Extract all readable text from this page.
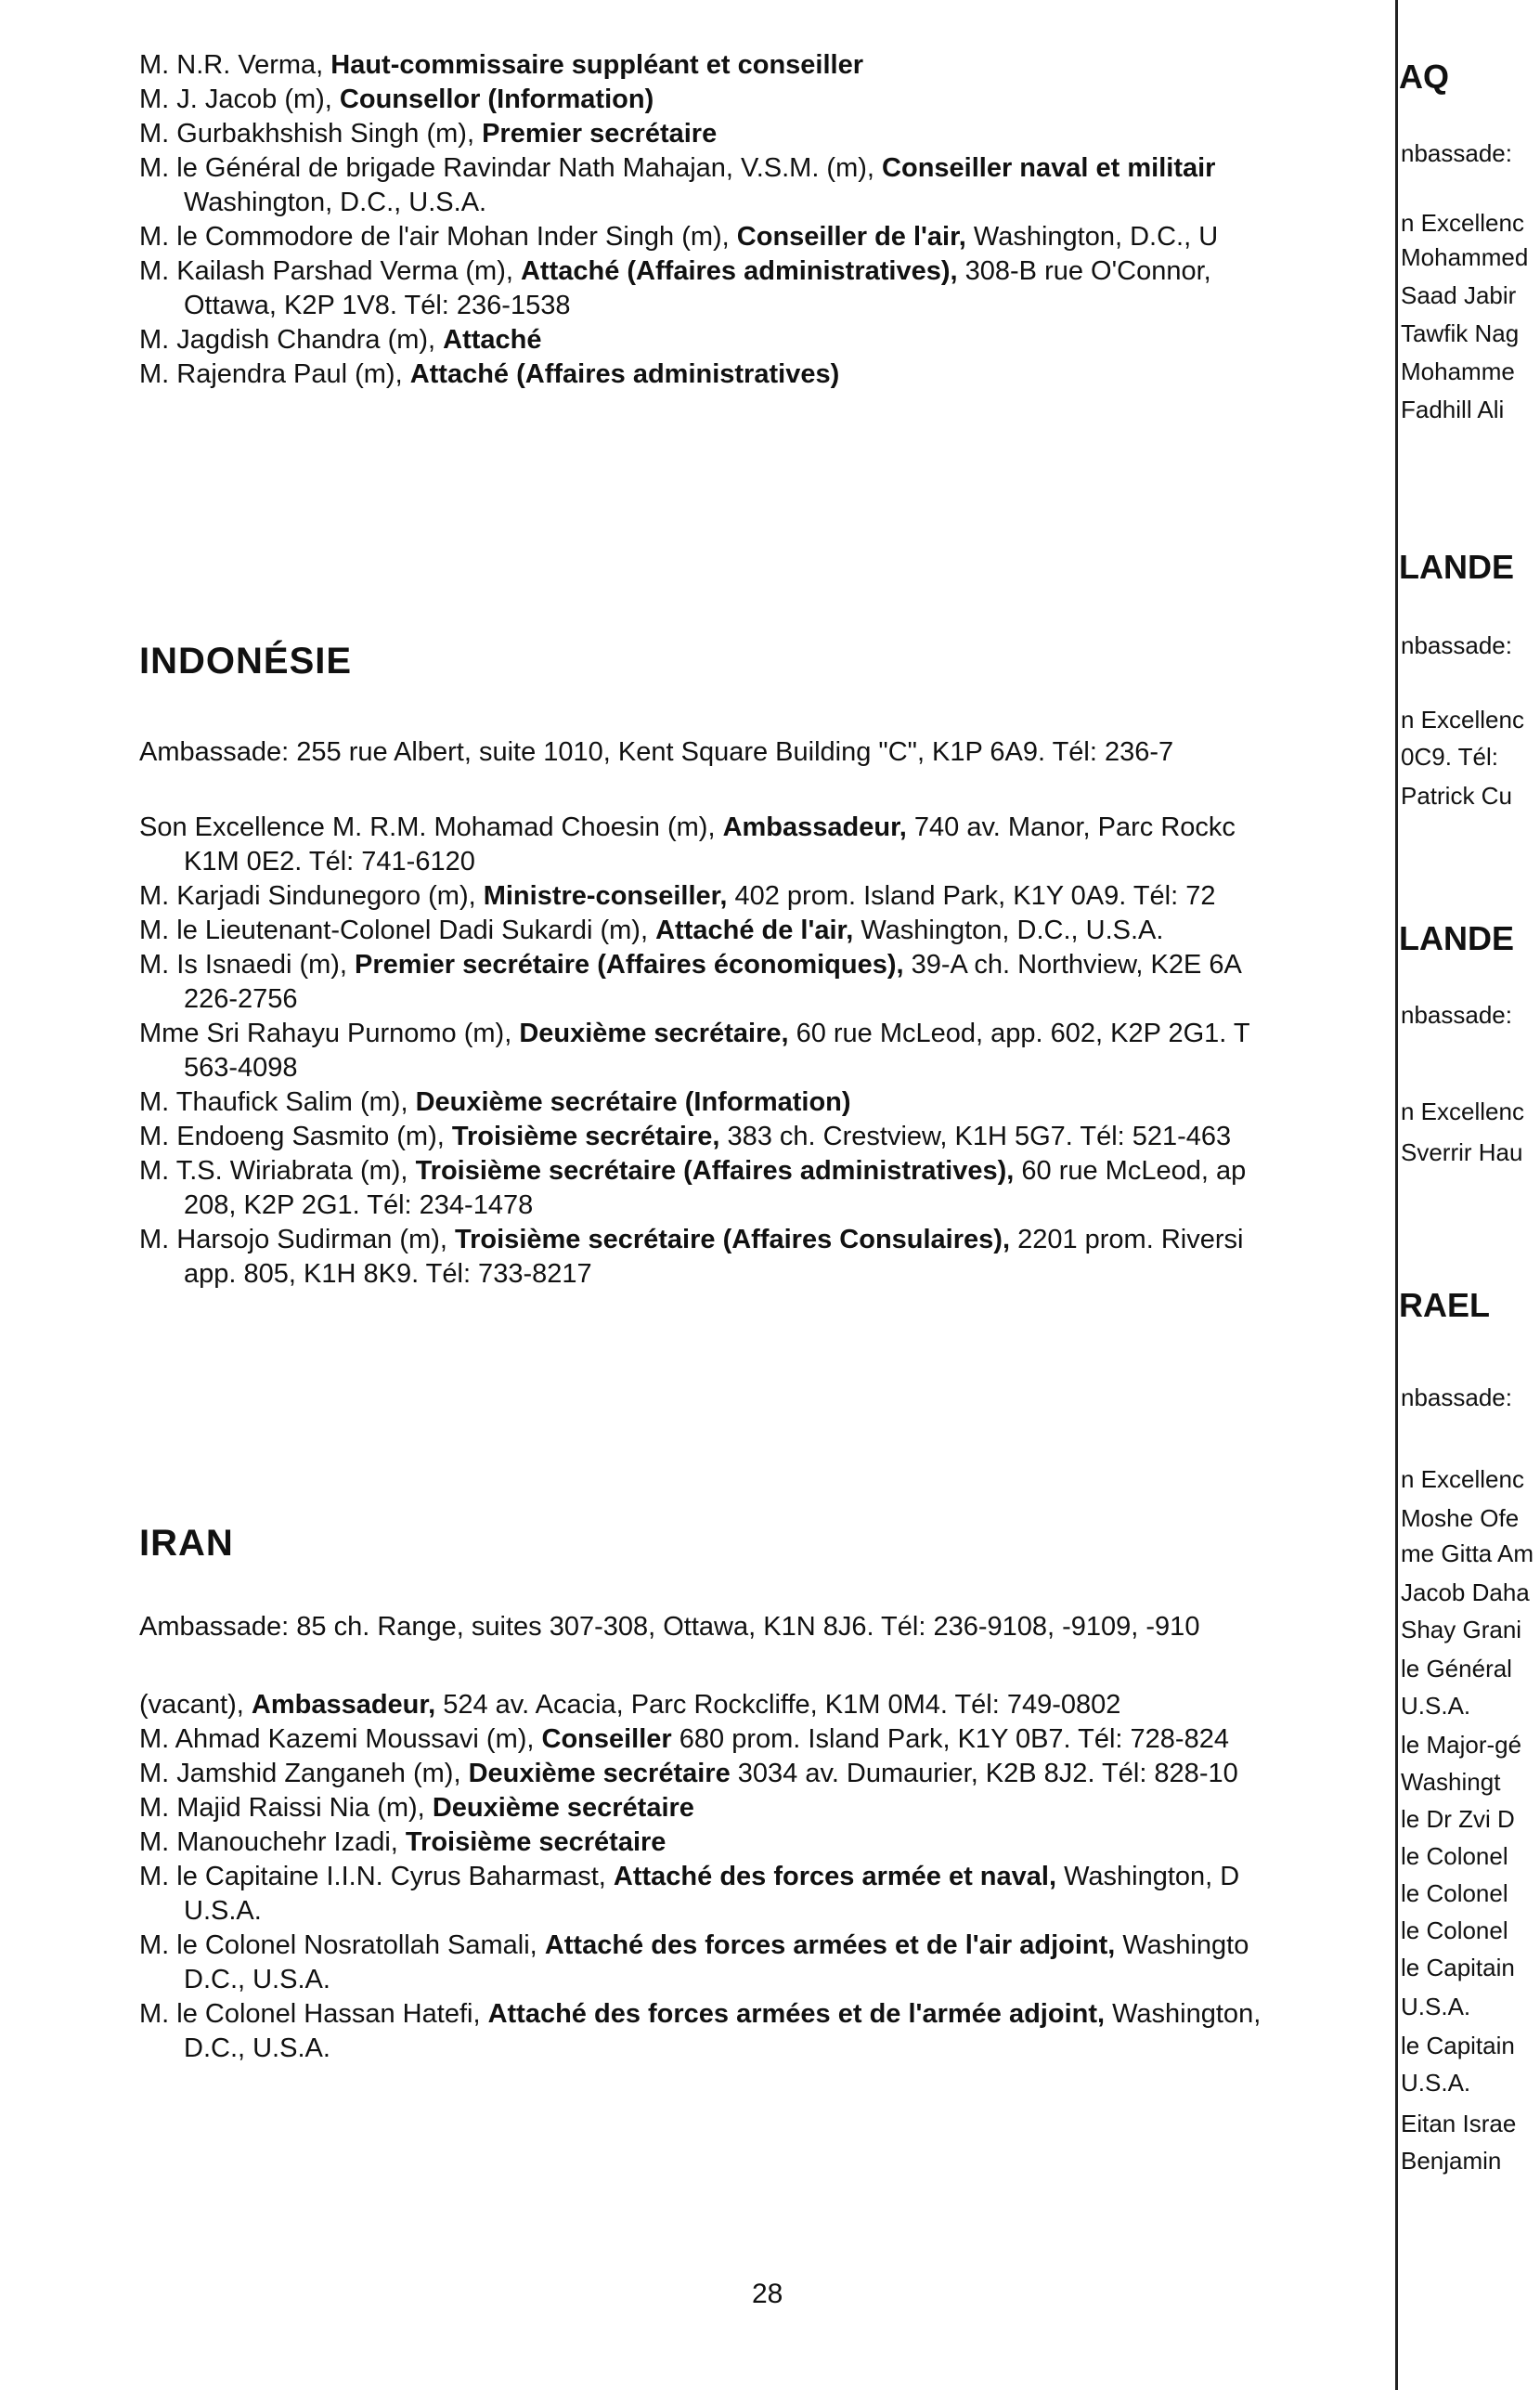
M. N.R. Verma, Haut-commissaire suppléant et conseiller
M. J. Jacob (m), Counsellor (Information)
M. Gurbakhshish Singh (m), Premier secrétaire
M. le Général de brigade Ravindar Nath Mahajan, V.S.M. (m), Conseiller naval et militair
Washington, D.C., U.S.A.
M. le Commodore de l'air Mohan Inder Singh (m), Conseiller de l'air, Washington, D.C., U
M. Kailash Parshad Verma (m), Attaché (Affaires administratives), 308-B rue O'Connor,
Ottawa, K2P 1V8. Tél: 236-1538
M. Jagdish Chandra (m), Attaché
M. Rajendra Paul (m), Attaché (Affaires administratives)
INDONÉSIE
Ambassade: 255 rue Albert, suite 1010, Kent Square Building "C", K1P 6A9. Tél: 236-7
Son Excellence M. R.M. Mohamad Choesin (m), Ambassadeur, 740 av. Manor, Parc Rockc
K1M 0E2. Tél: 741-6120
M. Karjadi Sindunegoro (m), Ministre-conseiller, 402 prom. Island Park, K1Y 0A9. Tél: 72
M. le Lieutenant-Colonel Dadi Sukardi (m), Attaché de l'air, Washington, D.C., U.S.A.
M. Is Isnaedi (m), Premier secrétaire (Affaires économiques), 39-A ch. Northview, K2E 6A
226-2756
Mme Sri Rahayu Purnomo (m), Deuxième secrétaire, 60 rue McLeod, app. 602, K2P 2G1. T
563-4098
M. Thaufick Salim (m), Deuxième secrétaire (Information)
M. Endoeng Sasmito (m), Troisième secrétaire, 383 ch. Crestview, K1H 5G7. Tél: 521-463
M. T.S. Wiriabrata (m), Troisième secrétaire (Affaires administratives), 60 rue McLeod, ap
208, K2P 2G1. Tél: 234-1478
M. Harsojo Sudirman (m), Troisième secrétaire (Affaires Consulaires), 2201 prom. Riversi
app. 805, K1H 8K9. Tél: 733-8217
IRAN
Ambassade: 85 ch. Range, suites 307-308, Ottawa, K1N 8J6. Tél: 236-9108, -9109, -910
(vacant), Ambassadeur, 524 av. Acacia, Parc Rockcliffe, K1M 0M4. Tél: 749-0802
M. Ahmad Kazemi Moussavi (m), Conseiller 680 prom. Island Park, K1Y 0B7. Tél: 728-824
M. Jamshid Zanganeh (m), Deuxième secrétaire 3034 av. Dumaurier, K2B 8J2. Tél: 828-10
M. Majid Raissi Nia (m), Deuxième secrétaire
M. Manouchehr Izadi, Troisième secrétaire
M. le Capitaine I.I.N. Cyrus Baharmast, Attaché des forces armée et naval, Washington, D
U.S.A.
M. le Colonel Nosratollah Samali, Attaché des forces armées et de l'air adjoint, Washingto
D.C., U.S.A.
M. le Colonel Hassan Hatefi, Attaché des forces armées et de l'armée adjoint, Washington,
D.C., U.S.A.
AQ
nbassade:
n Excellenc
Mohammed
Saad Jabir
Tawfik Nag
Mohamme
Fadhill Ali
LANDE
nbassade:
n Excellenc
0C9. Tél:
Patrick Cu
LANDE
nbassade:
n Excellenc
Sverrir Hau
RAEL
nbassade:
n Excellenc
Moshe Ofe
me Gitta Am
Jacob Daha
Shay Grani
le Général
U.S.A.
le Major-gé
Washingt
le Dr Zvi D
le Colonel
le Colonel
le Colonel
le Capitain
U.S.A.
le Capitain
U.S.A.
Eitan Israe
Benjamin
28
